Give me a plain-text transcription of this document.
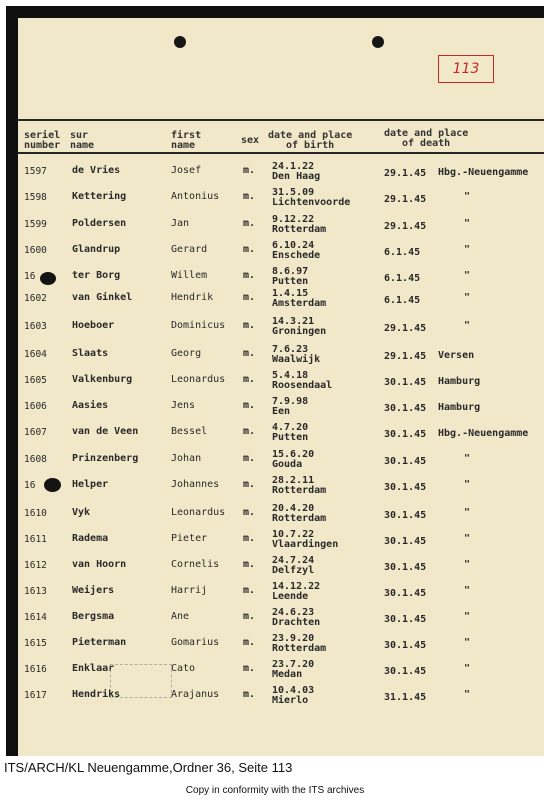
113
seriel
number
sur
name
first
name	sex date and place
of birth
date and place
of death
1597	de Vries	Josef	m. 24.1.22
Den Haag	29.1.45 Hbg.-Neuengamme
1598	Kettering	Antonius m. 31.5.09
Lichtenvoorde	29.1.45	"
1599	Poldersen	Jan	m. 9.12.22
Rotterdam	29.1.45	"
1600	Glandrup	Gerard	m. 6.10.24
Enschede	6.1.45	"
16	ter Borg	Willem	m. 8.6.97
Putten	6.1.45	"
1602	van Ginkel	Hendrik	m. 1.4.15
Amsterdam	6.1.45	"
1603	Hoeboer	Dominicus m. 14.3.21
Groningen	29.1.45	"
1604	Slaats	Georg	m. 7.6.23
Waalwijk	29.1.45 Versen
1605	Valkenburg	Leonardus m. 5.4.18
Roosendaal	30.1.45 Hamburg
1606	Aasies	Jens	m. 7.9.98
Een	30.1.45 Hamburg
1607	van de Veen	Bessel	m. 4.7.20
Putten	30.1.45 Hbg.-Neuengamme
1608	Prinzenberg	Johan	m. 15.6.20
Gouda	30.1.45	"
16	Helper	Johannes m. 28.2.11
Rotterdam	30.1.45	"
1610	Vyk	Leonardus m. 20.4.20
Rotterdam	30.1.45	"
1611	Radema	Pieter	m. 10.7.22
Vlaardingen	30.1.45	"
1612	van Hoorn	Cornelis m. 24.7.24
Delfzyl	30.1.45	"
1613	Weijers	Harrij	m. 14.12.22
Leende	30.1.45	"
1614	Bergsma	Ane	m. 24.6.23
Drachten	30.1.45	"
1615	Pieterman	Gomarius m. 23.9.20
Rotterdam	30.1.45	"
1616	Enklaar	Cato	m. 23.7.20
Medan	30.1.45	"
1617	Hendriks	Arajanus m. 10.4.03
Mierlo	31.1.45	"
ITS/ARCH/KL Neuengamme,Ordner 36, Seite 113
Copy in conformity with the ITS archives
